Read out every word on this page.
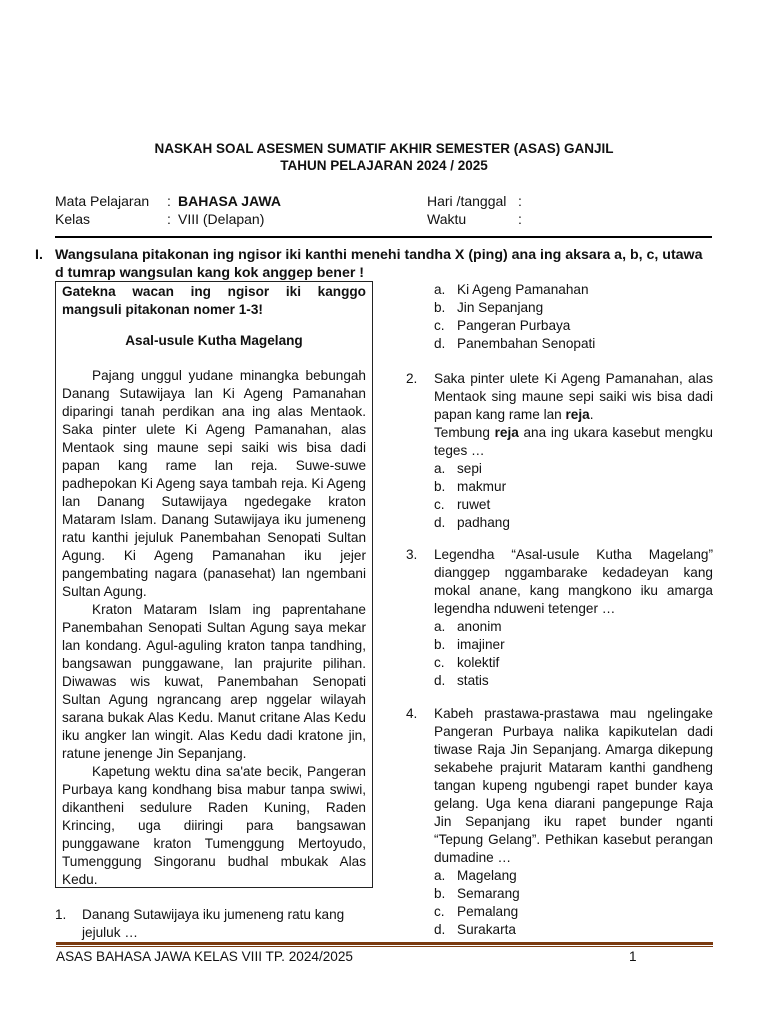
NASKAH SOAL ASESMEN SUMATIF AKHIR SEMESTER (ASAS) GANJIL
TAHUN PELAJARAN 2024 / 2025
Mata Pelajaran : BAHASA JAWA
Kelas	: VIII (Delapan)
Hari /tanggal :
Waktu	:
I. Wangsulana pitakonan ing ngisor iki kanthi menehi tandha X (ping) ana ing aksara a, b, c, utawa
d tumrap wangsulan kang kok anggep bener !
Gatekna wacan ing ngisor iki kanggo
mangsuli pitakonan nomer 1-3!
Asal-usule Kutha Magelang

Pajang unggul yudane minangka bebungah Danang Sutawijaya lan Ki Ageng Pamanahan diparingi tanah perdikan ana ing alas Mentaok. Saka pinter ulete Ki Ageng Pamanahan, alas Mentaok sing maune sepi saiki wis bisa dadi papan kang rame lan reja. Suwe-suwe padhepokan Ki Ageng saya tambah reja. Ki Ageng lan Danang Sutawijaya ngedegake kraton Mataram Islam. Danang Sutawijaya iku jumeneng ratu kanthi jejuluk Panembahan Senopati Sultan Agung. Ki Ageng Pamanahan iku jejer pangembating nagara (panasehat) lan ngembani Sultan Agung.

Kraton Mataram Islam ing paprentahane Panembahan Senopati Sultan Agung saya mekar lan kondang. Agul-aguling kraton tanpa tandhing, bangsawan punggawane, lan prajurite pilihan. Diwawas wis kuwat, Panembahan Senopati Sultan Agung ngrancang arep nggelar wilayah sarana bukak Alas Kedu. Manut critane Alas Kedu iku angker lan wingit. Alas Kedu dadi kratone jin, ratune jenenge Jin Sepanjang.

Kapetung wektu dina sa'ate becik, Pangeran Purbaya kang kondhang bisa mabur tanpa swiwi, dikantheni sedulure Raden Kuning, Raden Krincing, uga diiringi para bangsawan punggawane kraton Tumenggung Mertoyudo, Tumenggung Singoranu budhal mbukak Alas Kedu.

1. Danang Sutawijaya iku jumeneng ratu kang
jejuluk …
a. Ki Ageng Pamanahan
b. Jin Sepanjang
c. Pangeran Purbaya
d. Panembahan Senopati
2. Saka pinter ulete Ki Ageng Pamanahan, alas Mentaok sing maune sepi saiki wis bisa dadi papan kang rame lan reja.
Tembung reja ana ing ukara kasebut mengku teges …
a. sepi
b. makmur
c. ruwet
d. padhang
3. Legendha “Asal-usule Kutha Magelang” dianggep nggambarake kedadeyan kang mokal anane, kang mangkono iku amarga legendha nduweni tetenger …
a. anonim
b. imajiner
c. kolektif
d. statis
4. Kabeh prastawa-prastawa mau ngelingake Pangeran Purbaya nalika kapikutelan dadi tiwase Raja Jin Sepanjang. Amarga dikepung sekabehe prajurit Mataram kanthi gandheng tangan kupeng ngubengi rapet bunder kaya gelang. Uga kena diarani pangepunge Raja Jin Sepanjang iku rapet bunder nganti “Tepung Gelang”. Pethikan kasebut perangan dumadine …
a. Magelang
b. Semarang
c. Pemalang
d. Surakarta
ASAS BAHASA JAWA KELAS VIII TP. 2024/2025	1
